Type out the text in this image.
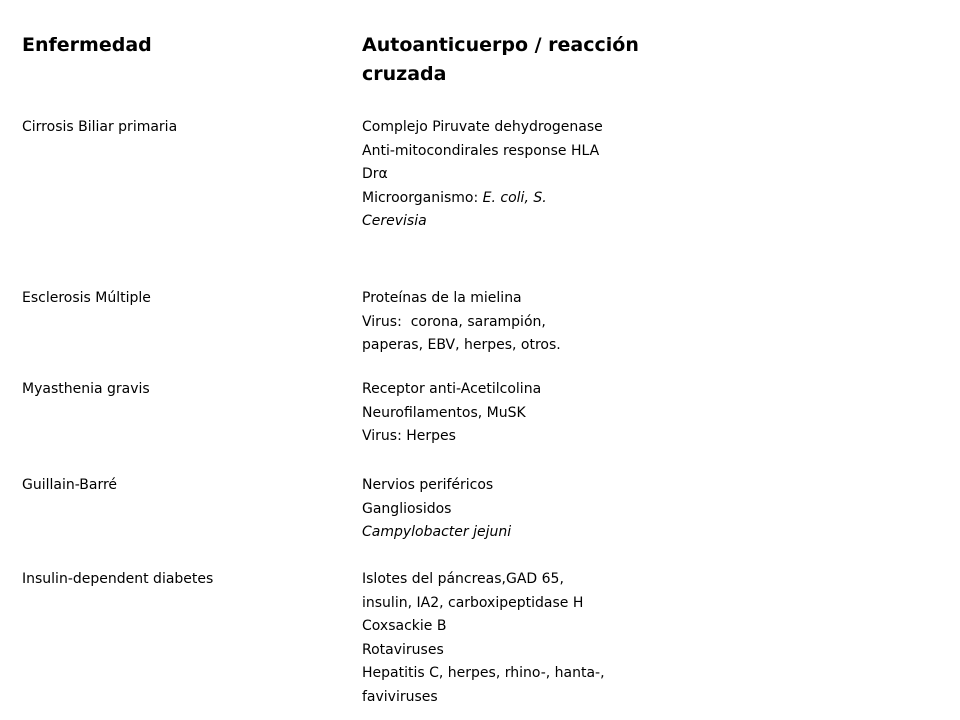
Enfermedad	Autoanticuerpo / reacción
cruzada
Cirrosis Biliar primaria	Complejo Piruvate dehydrogenase
Anti-mitocondirales response HLA
Drα
Microorganismo: E. coli, S.
Cerevisia
Esclerosis Múltiple	Proteínas de la mielina
Virus:  corona, sarampión,
paperas, EBV, herpes, otros.
Myasthenia gravis	Receptor anti-Acetilcolina
Neurofilamentos, MuSK
Virus: Herpes
Guillain-Barré	Nervios periféricos
Gangliosidos
Campylobacter jejuni
Insulin-dependent diabetes	Islotes del páncreas,GAD 65,
insulin, IA2, carboxipeptidase H
Coxsackie B
Rotaviruses
Hepatitis C, herpes, rhino-, hanta-,
faviviruses
